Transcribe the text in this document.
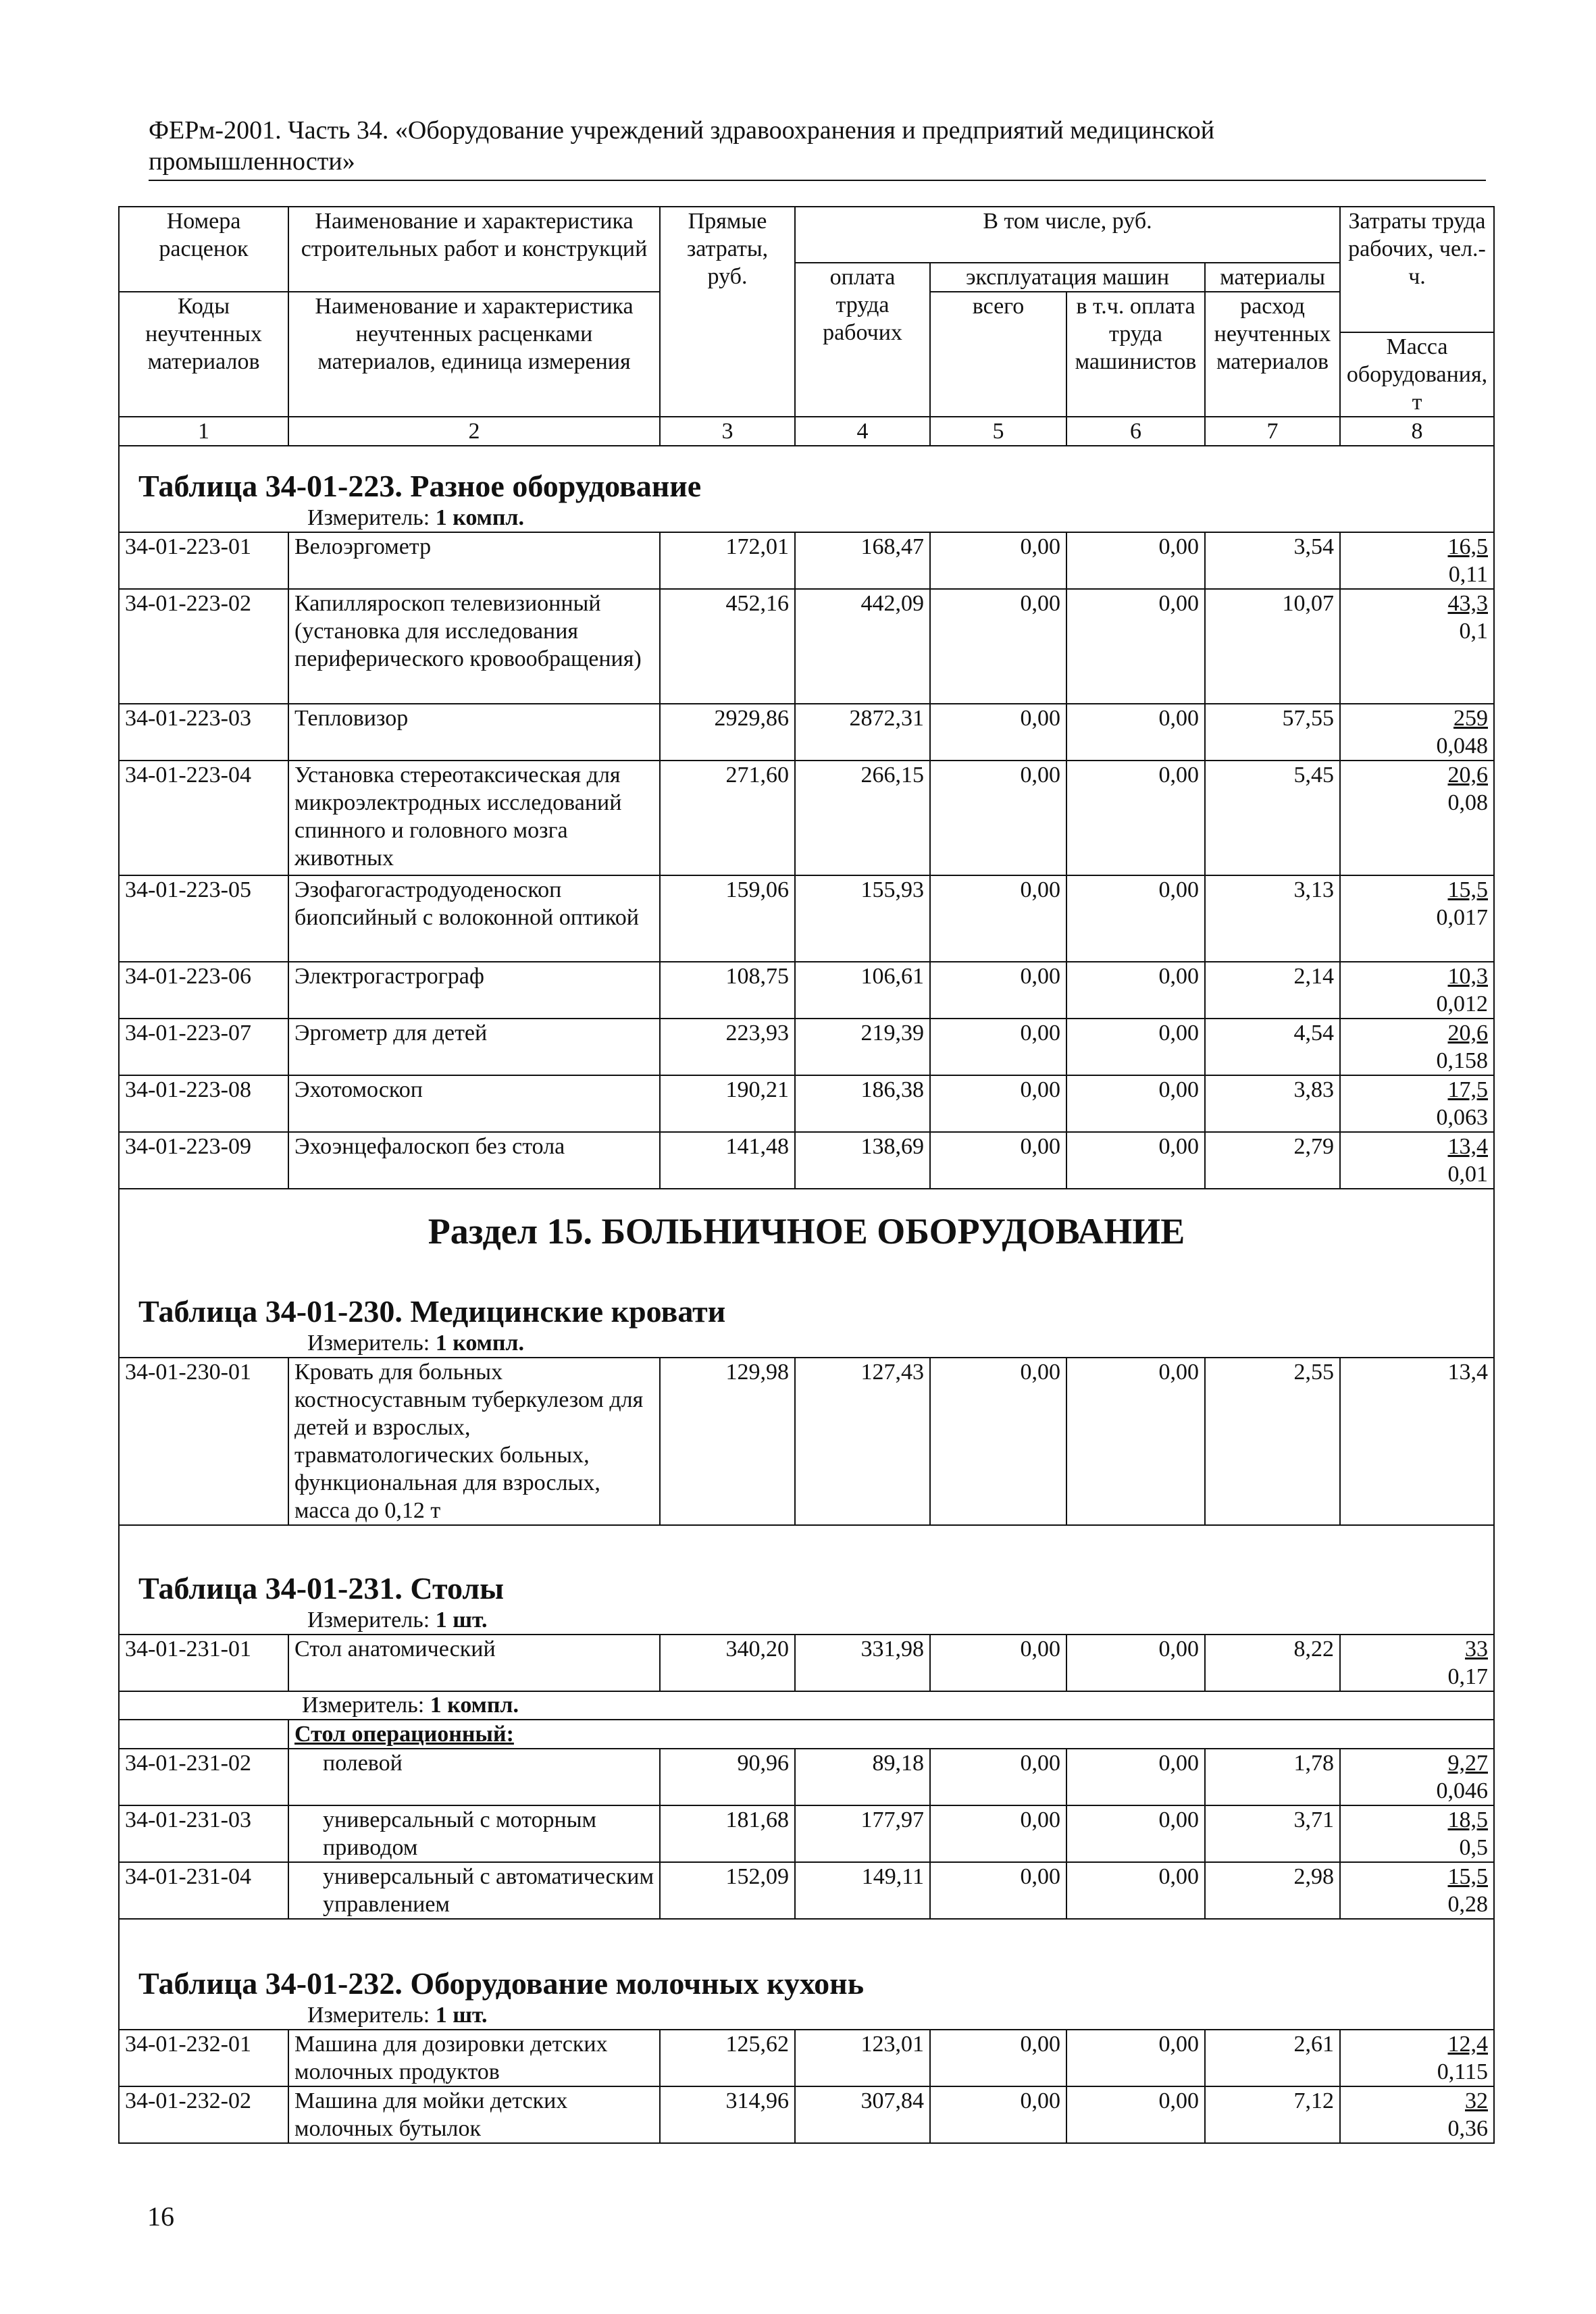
ФЕРм-2001. Часть 34. «Оборудование учреждений здравоохранения и предприятий медицинской
промышленности»
Номера расценок	Наименование и характеристика строительных работ и конструкций	Прямые затраты, руб.	В том числе, руб.				Затраты труда рабочих, чел.-ч.
			оплата труда рабочих	эксплуатация машин		материалы	
Коды неучтенных материалов	Наименование и характеристика неучтенных расценками материалов, единица измерения			всего	в т.ч. оплата труда машинистов	расход неучтенных материалов	
							Масса оборудования, т
1	2	3	4	5	6	7	8

Таблица 34-01-223. Разное оборудование
Измеритель: 1 компл.							

34-01-223-01	Велоэргометр	172,01	168,47	0,00	0,00	3,54	16,5
0,11
34-01-223-02	Капилляроскоп телевизионный (установка для исследования периферического кровообращения)	452,16	442,09	0,00	0,00	10,07	43,3
0,1
34-01-223-03	Тепловизор	2929,86	2872,31	0,00	0,00	57,55	259
0,048
34-01-223-04	Установка стереотаксическая для микроэлектродных исследований спинного и головного мозга животных	271,60	266,15	0,00	0,00	5,45	20,6
0,08
34-01-223-05	Эзофагогастродуоденоскоп биопсийный с волоконной оптикой	159,06	155,93	0,00	0,00	3,13	15,5
0,017
34-01-223-06	Электрогастрограф	108,75	106,61	0,00	0,00	2,14	10,3
0,012
34-01-223-07	Эргометр для детей	223,93	219,39	0,00	0,00	4,54	20,6
0,158
34-01-223-08	Эхотомоскоп	190,21	186,38	0,00	0,00	3,83	17,5
0,063
34-01-223-09	Эхоэнцефалоскоп без стола	141,48	138,69	0,00	0,00	2,79	13,4
0,01

Раздел 15. БОЛЬНИЧНОЕ ОБОРУДОВАНИЕ
Таблица 34-01-230. Медицинские кровати
Измеритель: 1 компл.							

34-01-230-01	Кровать для больных костносуставным туберкулезом для детей и взрослых, травматологических больных, функциональная для взрослых, масса до 0,12 т	129,98	127,43	0,00	0,00	2,55	13,4

Таблица 34-01-231. Столы
Измеритель: 1 шт.							

34-01-231-01	Стол анатомический	340,20	331,98	0,00	0,00	8,22	33
0,17

Измеритель: 1 компл.							

	Стол операционный:						
34-01-231-02	полевой	90,96	89,18	0,00	0,00	1,78	9,27
0,046
34-01-231-03	универсальный с моторным приводом	181,68	177,97	0,00	0,00	3,71	18,5
0,5
34-01-231-04	универсальный с автоматическим управлением	152,09	149,11	0,00	0,00	2,98	15,5
0,28

Таблица 34-01-232. Оборудование молочных кухонь
Измеритель: 1 шт.							

34-01-232-01	Машина для дозировки детских молочных продуктов	125,62	123,01	0,00	0,00	2,61	12,4
0,115
34-01-232-02	Машина для мойки детских молочных бутылок	314,96	307,84	0,00	0,00	7,12	32
0,36
16
